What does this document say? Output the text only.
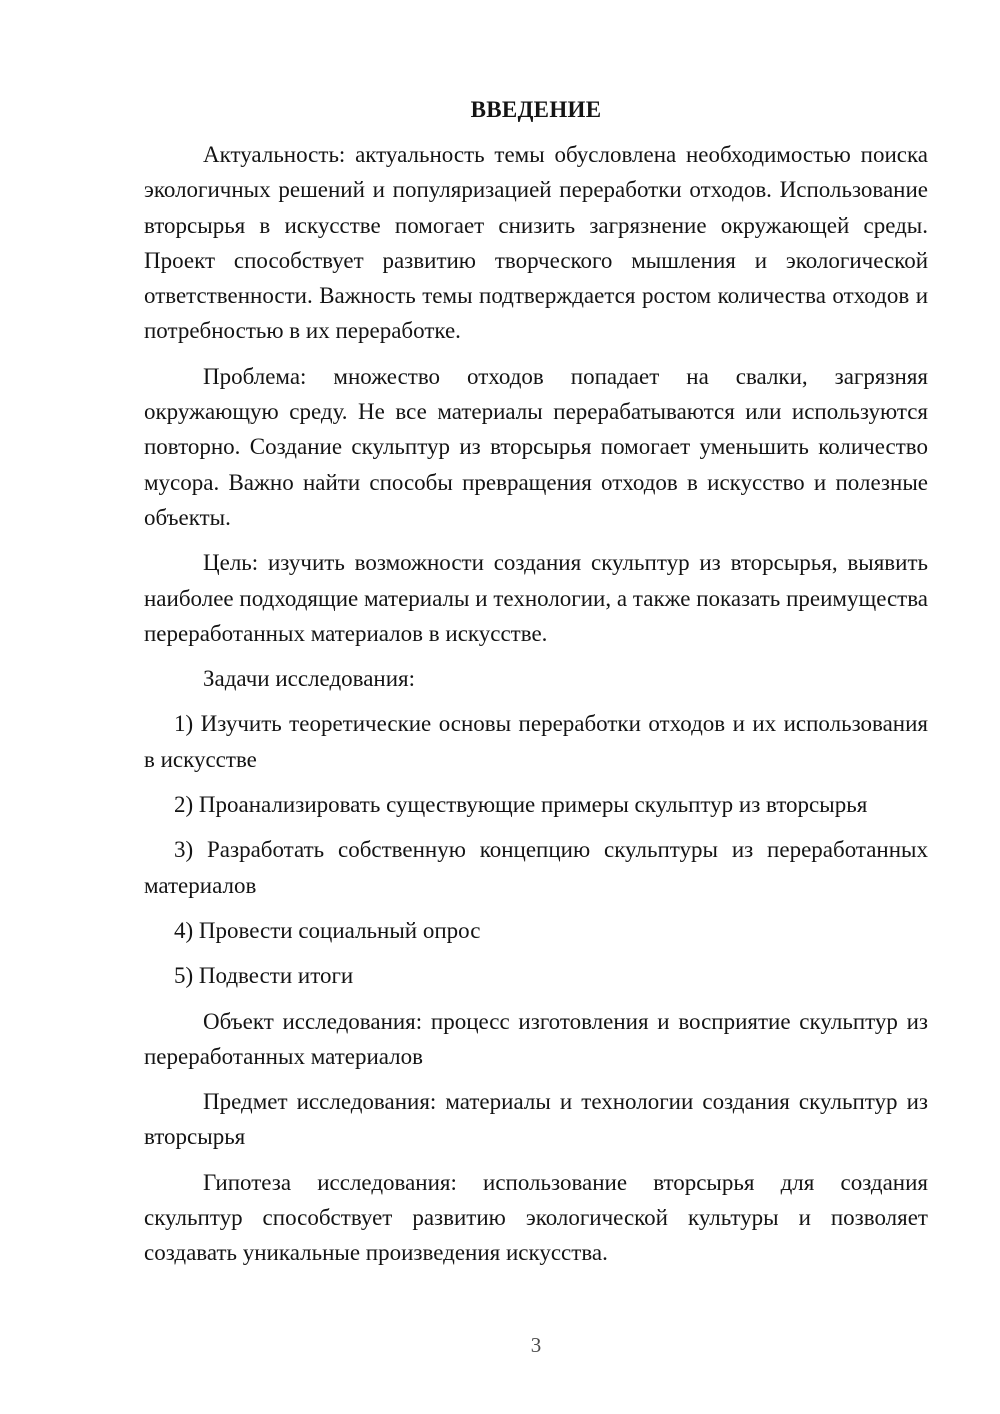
ВВЕДЕНИЕ

Актуальность: актуальность темы обусловлена необходимостью поиска экологичных решений и популяризацией переработки отходов. Использование вторсырья в искусстве помогает снизить загрязнение окружающей среды. Проект способствует развитию творческого мышления и экологической ответственности. Важность темы подтверждается ростом количества отходов и потребностью в их переработке.

Проблема: множество отходов попадает на свалки, загрязняя окружающую среду. Не все материалы перерабатываются или используются повторно. Создание скульптур из вторсырья помогает уменьшить количество мусора. Важно найти способы превращения отходов в искусство и полезные объекты.

Цель: изучить возможности создания скульптур из вторсырья, выявить наиболее подходящие материалы и технологии, а также показать преимущества переработанных материалов в искусстве.

Задачи исследования:

1) Изучить теоретические основы переработки отходов и их использования в искусстве

2) Проанализировать существующие примеры скульптур из вторсырья

3) Разработать собственную концепцию скульптуры из переработанных материалов

4) Провести социальный опрос

5) Подвести итоги

Объект исследования: процесс изготовления и восприятие скульптур из переработанных материалов

Предмет исследования: материалы и технологии создания скульптур из вторсырья

Гипотеза исследования: использование вторсырья для создания скульптур способствует развитию экологической культуры и позволяет создавать уникальные произведения искусства.

3
